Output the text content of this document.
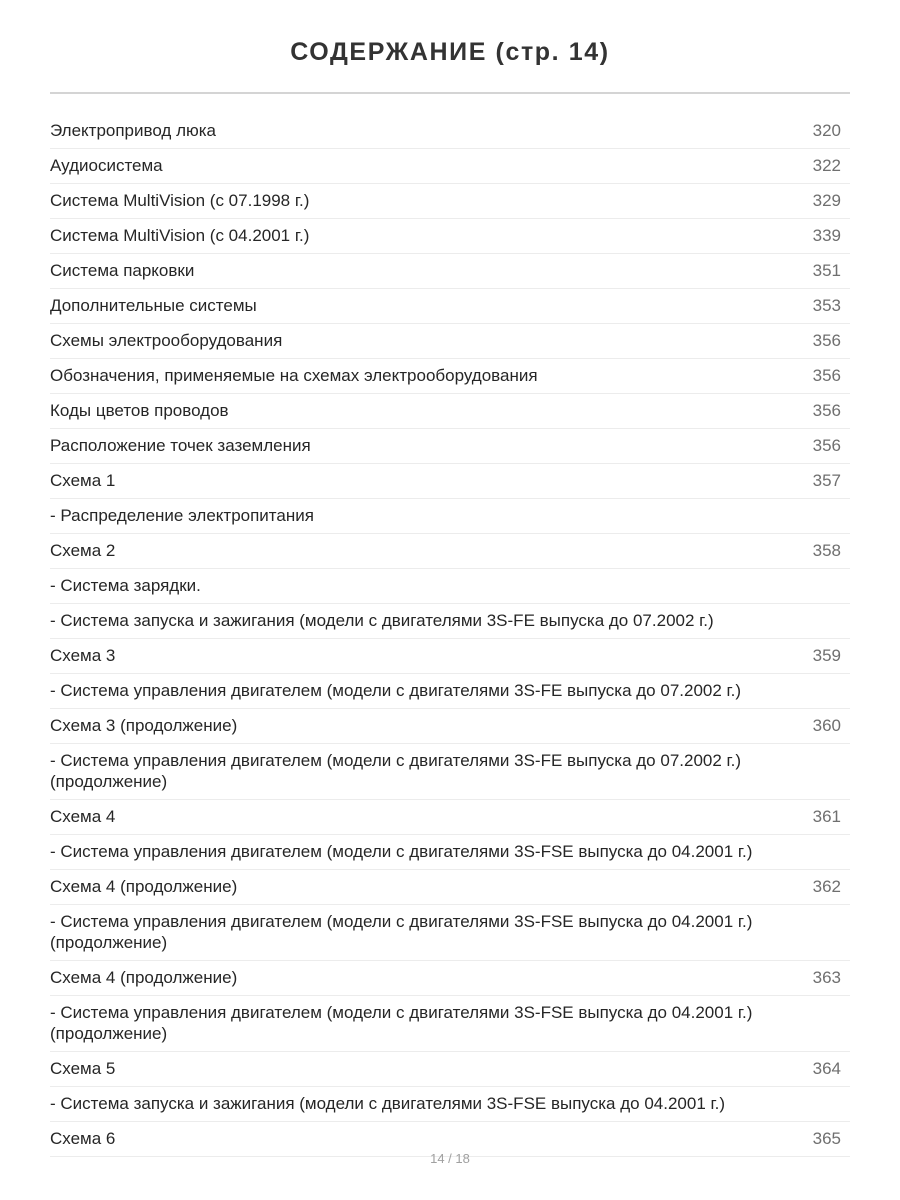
СОДЕРЖАНИЕ (стр. 14)
Электропривод люка	320
Аудиосистема	322
Система MultiVision (с 07.1998 г.)	329
Система MultiVision (с 04.2001 г.)	339
Система парковки	351
Дополнительные системы	353
Схемы электрооборудования	356
Обозначения, применяемые на схемах электрооборудования	356
Коды цветов проводов	356
Расположение точек заземления	356
Схема 1	357
- Распределение электропитания
Схема 2	358
- Система зарядки.
- Система запуска и зажигания (модели с двигателями 3S-FE выпуска до 07.2002 г.)
Схема 3	359
- Система управления двигателем (модели с двигателями 3S-FE выпуска до 07.2002 г.)
Схема 3 (продолжение)	360
- Система управления двигателем (модели с двигателями 3S-FE выпуска до 07.2002 г.) (продолжение)
Схема 4	361
- Система управления двигателем (модели с двигателями 3S-FSE выпуска до 04.2001 г.)
Схема 4 (продолжение)	362
- Система управления двигателем (модели с двигателями 3S-FSE выпуска до 04.2001 г.) (продолжение)
Схема 4 (продолжение)	363
- Система управления двигателем (модели с двигателями 3S-FSE выпуска до 04.2001 г.) (продолжение)
Схема 5	364
- Система запуска и зажигания (модели с двигателями 3S-FSE выпуска до 04.2001 г.)
Схема 6	365
14 / 18
